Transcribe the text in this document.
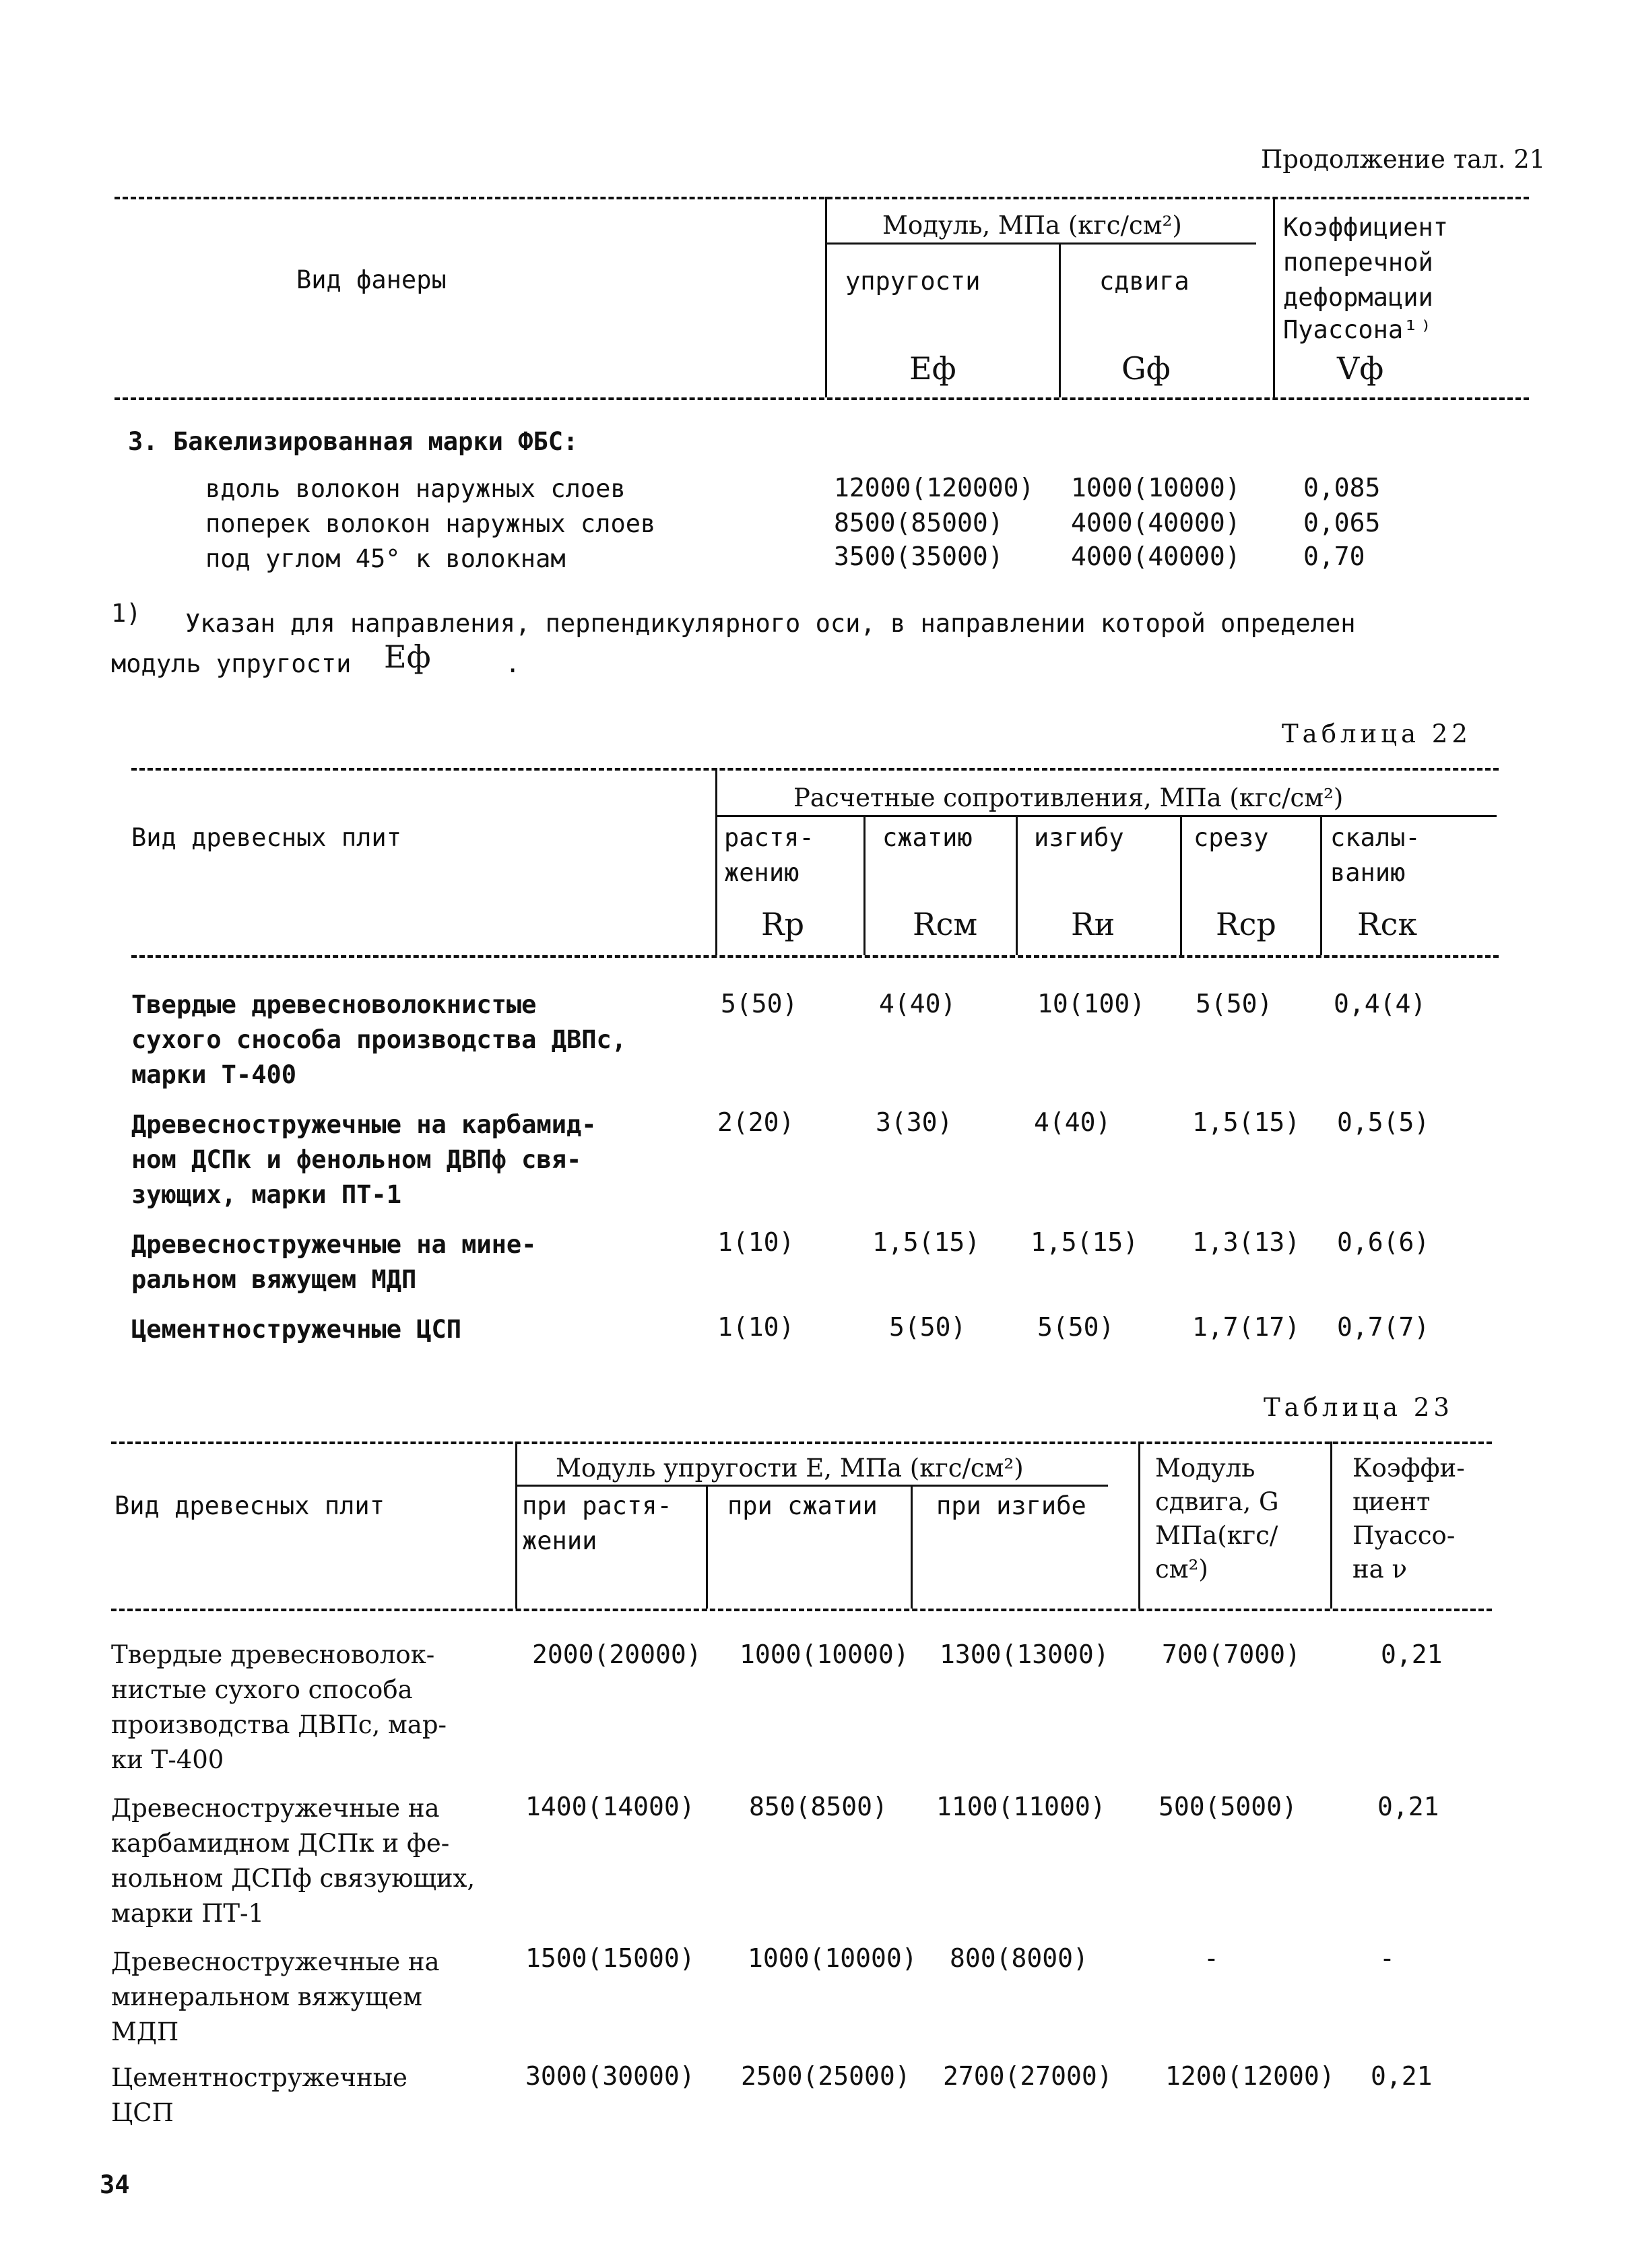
Продолжение тал. 21
Вид фанеры
Модуль, МПа (кгс/см²)
упругости	сдвига
Коэффициент
поперечной
деформации
Пуассона¹⁾
Eф	Gф	Vф
3. Бакелизированная марки ФБС:
вдоль волокон наружных слоев	12000(120000) 1000(10000) 0,085
поперек волокон наружных слоев	8500(85000)	4000(40000) 0,065
под углом 45° к волокнам	3500(35000)	4000(40000) 0,70
1) Указан для направления, перпендикулярного оси, в направлении которой определен
модуль упругости Eф	.
Таблица 22
Вид древесных плит
Расчетные сопротивления, МПа (кгс/см²)
растя-
жению
сжатию изгибу	срезу скалы-
ванию
Rр	Rсм	Rи	Rср	Rск
Твердые древесноволокнистые
сухого снособа производства ДВПс,
марки Т-400
5(50)	4(40)	10(100) 5(50) 0,4(4)
Древесностружечные на карбамид-
ном ДСПк и фенольном ДВПф свя-
зующих, марки ПТ-1
2(20)	3(30)	4(40)	1,5(15) 0,5(5)
Древесностружечные на мине-
ральном вяжущем МДП
1(10)	1,5(15) 1,5(15) 1,3(13) 0,6(6)
Цементностружечные ЦСП	1(10)	5(50)	5(50)	1,7(17) 0,7(7)
Таблица 23
Вид древесных плит
Модуль упругости Е, МПа (кгс/см²)
при растя-
жении
при сжатии при изгибе
Модуль
сдвига, G
МПа(кгс/
см²)
Коэффи-
циент
Пуассо-
на ν
Твердые древесноволок-
нистые сухого способа
производства ДВПс, мар-
ки Т-400
2000(20000) 1000(10000) 1300(13000) 700(7000)	0,21
Древесностружечные на
карбамидном ДСПк и фе-
нольном ДСПф связующих,
марки ПТ-1
1400(14000) 850(8500) 1100(11000) 500(5000)	0,21
Древесностружечные на
минеральном вяжущем
МДП
1500(15000) 1000(10000) 800(8000)	-	-
Цементностружечные
ЦСП
3000(30000) 2500(25000) 2700(27000) 1200(12000) 0,21
34
